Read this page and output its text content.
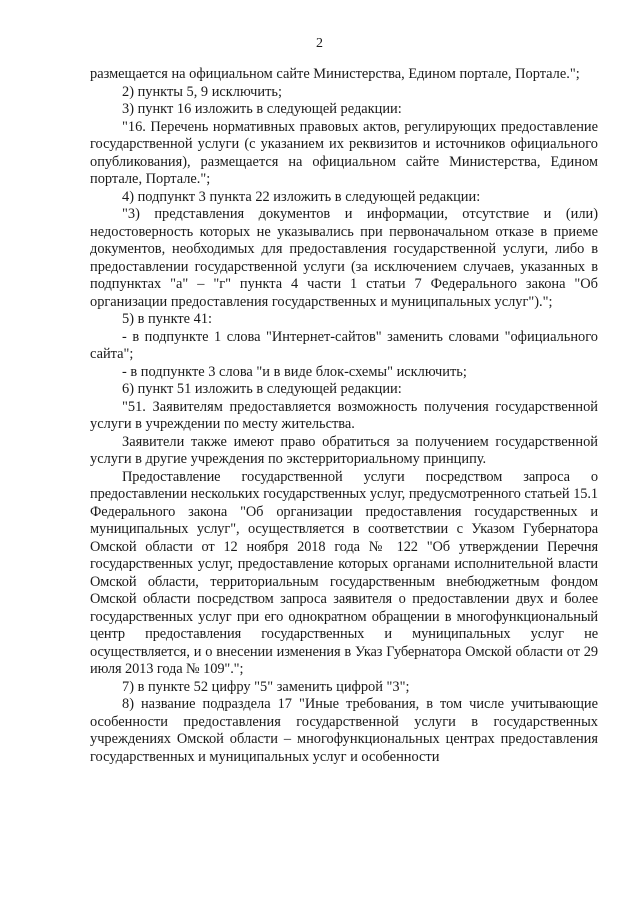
2

размещается на официальном сайте Министерства, Едином портале, Портале.";

2) пункты 5, 9 исключить;

3) пункт 16 изложить в следующей редакции:

"16. Перечень нормативных правовых актов, регулирующих предоставление государственной услуги (с указанием их реквизитов и источников официального опубликования), размещается на официальном сайте Министерства, Едином портале, Портале.";

4) подпункт 3 пункта 22 изложить в следующей редакции:

"3) представления документов и информации, отсутствие и (или) недостоверность которых не указывались при первоначальном отказе в приеме документов, необходимых для предоставления государственной услуги, либо в предоставлении государственной услуги (за исключением случаев, указанных в подпунктах "а" – "г" пункта 4 части 1 статьи 7 Федерального закона "Об организации предоставления государственных и муниципальных услуг").";

5) в пункте 41:

- в подпункте 1 слова "Интернет-сайтов" заменить словами "официального сайта";

- в подпункте 3 слова "и в виде блок-схемы" исключить;

6) пункт 51 изложить в следующей редакции:

"51. Заявителям предоставляется возможность получения государственной услуги в учреждении по месту жительства.

Заявители также имеют право обратиться за получением государственной услуги в другие учреждения по экстерриториальному принципу.

Предоставление государственной услуги посредством запроса о предоставлении нескольких государственных услуг, предусмотренного статьей 15.1 Федерального закона "Об организации предоставления государственных и муниципальных услуг", осуществляется в соответствии с Указом Губернатора Омской области от 12 ноября 2018 года № 122 "Об утверждении Перечня государственных услуг, предоставление которых органами исполнительной власти Омской области, территориальным государственным внебюджетным фондом Омской области посредством запроса заявителя о предоставлении двух и более государственных услуг при его однократном обращении в многофункциональный центр предоставления государственных и муниципальных услуг не осуществляется, и о внесении изменения в Указ Губернатора Омской области от 29 июля 2013 года № 109".";

7) в пункте 52 цифру "5" заменить цифрой "3";

8) название подраздела 17 "Иные требования, в том числе учитывающие особенности предоставления государственной услуги в государственных учреждениях Омской области – многофункциональных центрах предоставления государственных и муниципальных услуг и особенности
